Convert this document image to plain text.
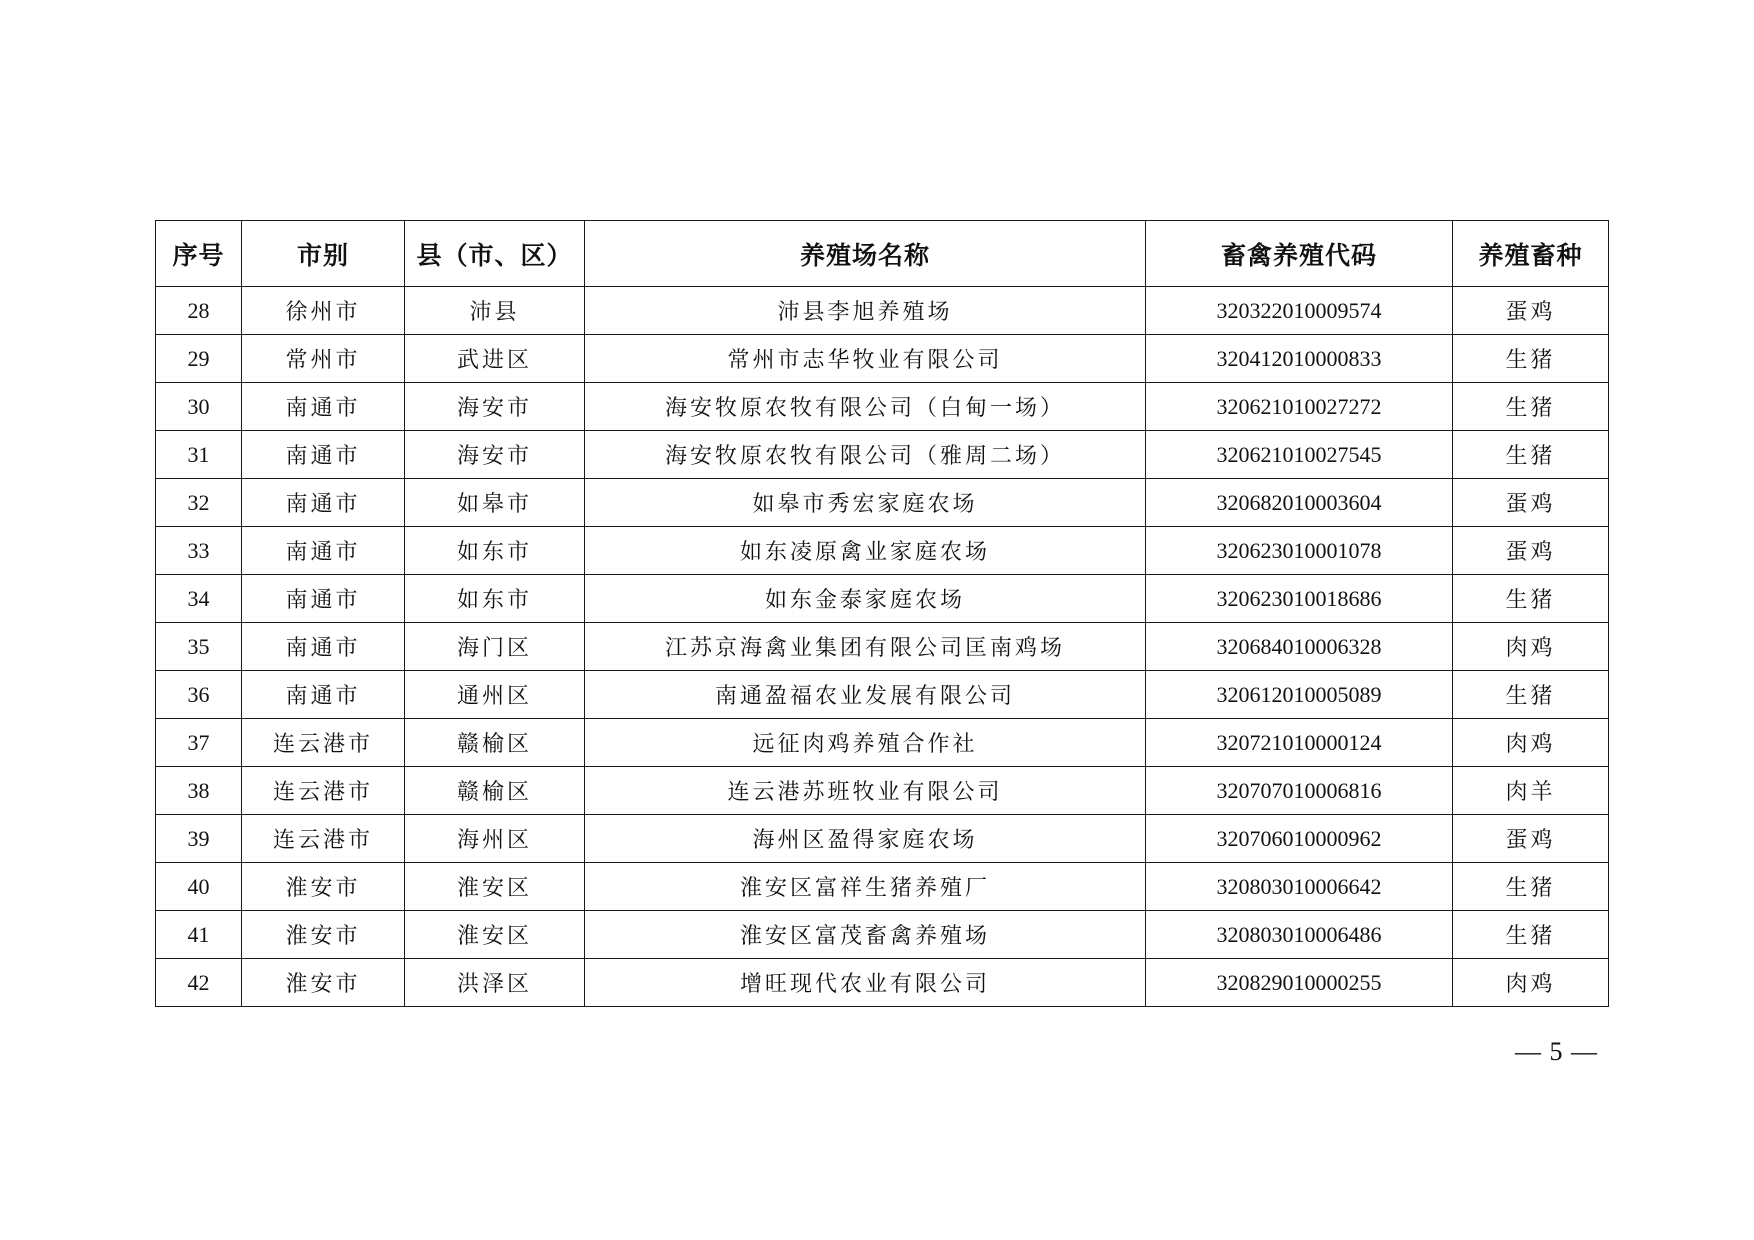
序号	市别	县（市、区）	养殖场名称	畜禽养殖代码	养殖畜种
28	徐州市	沛县	沛县李旭养殖场	320322010009574	蛋鸡
29	常州市	武进区	常州市志华牧业有限公司	320412010000833	生猪
30	南通市	海安市	海安牧原农牧有限公司（白甸一场）	320621010027272	生猪
31	南通市	海安市	海安牧原农牧有限公司（雅周二场）	320621010027545	生猪
32	南通市	如皋市	如皋市秀宏家庭农场	320682010003604	蛋鸡
33	南通市	如东市	如东凌原禽业家庭农场	320623010001078	蛋鸡
34	南通市	如东市	如东金泰家庭农场	320623010018686	生猪
35	南通市	海门区	江苏京海禽业集团有限公司匡南鸡场	320684010006328	肉鸡
36	南通市	通州区	南通盈福农业发展有限公司	320612010005089	生猪
37	连云港市	赣榆区	远征肉鸡养殖合作社	320721010000124	肉鸡
38	连云港市	赣榆区	连云港苏班牧业有限公司	320707010006816	肉羊
39	连云港市	海州区	海州区盈得家庭农场	320706010000962	蛋鸡
40	淮安市	淮安区	淮安区富祥生猪养殖厂	320803010006642	生猪
41	淮安市	淮安区	淮安区富茂畜禽养殖场	320803010006486	生猪
42	淮安市	洪泽区	增旺现代农业有限公司	320829010000255	肉鸡
— 5 —
